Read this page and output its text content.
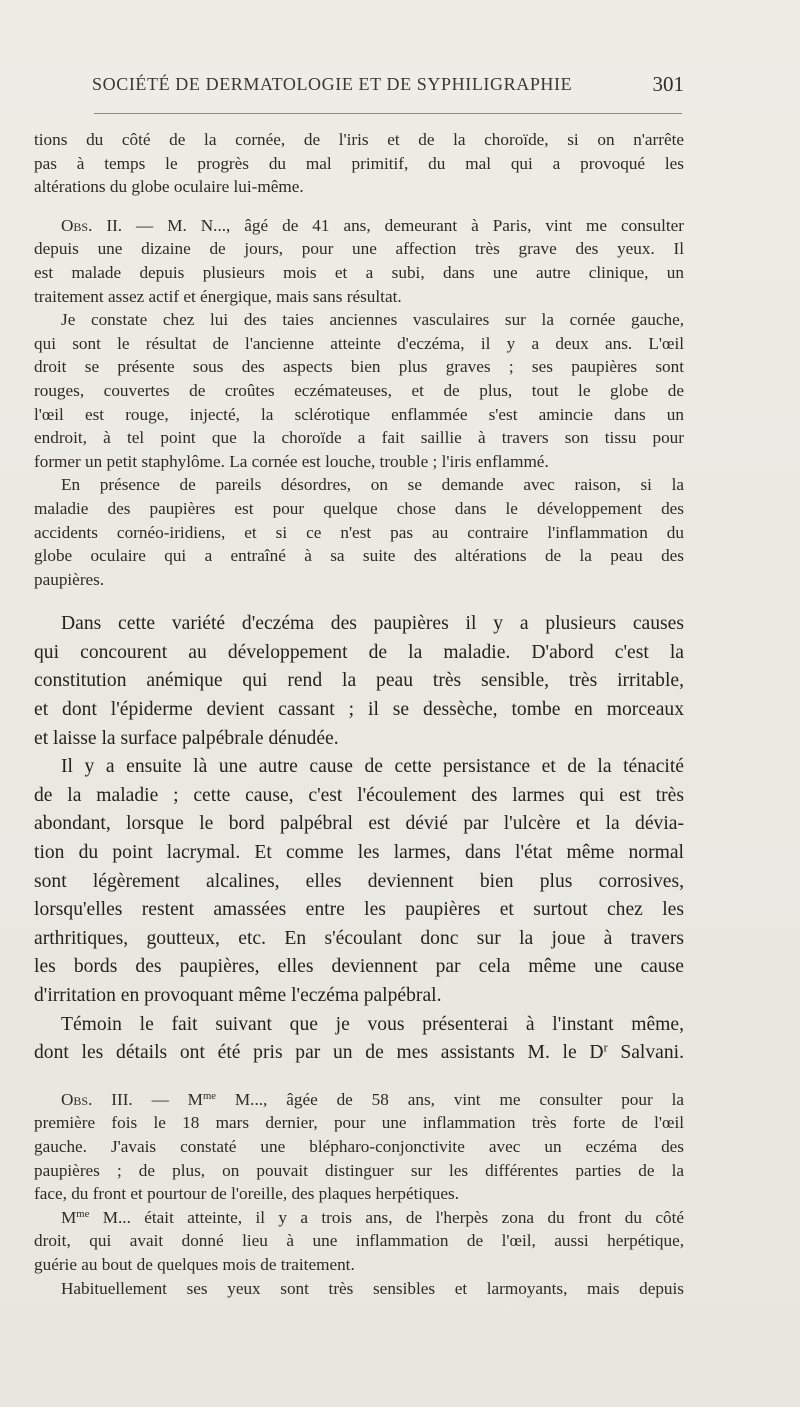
SOCIÉTÉ DE DERMATOLOGIE ET DE SYPHILIGRAPHIE	301
tions du côté de la cornée, de l'iris et de la choroïde, si on n'arrête
pas à temps le progrès du mal primitif, du mal qui a provoqué les
altérations du globe oculaire lui-même.
Obs. II. — M. N..., âgé de 41 ans, demeurant à Paris, vint me consulter
depuis une dizaine de jours, pour une affection très grave des yeux. Il
est malade depuis plusieurs mois et a subi, dans une autre clinique, un
traitement assez actif et énergique, mais sans résultat.
Je constate chez lui des taies anciennes vasculaires sur la cornée gauche,
qui sont le résultat de l'ancienne atteinte d'eczéma, il y a deux ans. L'œil
droit se présente sous des aspects bien plus graves ; ses paupières sont
rouges, couvertes de croûtes eczémateuses, et de plus, tout le globe de
l'œil est rouge, injecté, la sclérotique enflammée s'est amincie dans un
endroit, à tel point que la choroïde a fait saillie à travers son tissu pour
former un petit staphylôme. La cornée est louche, trouble ; l'iris enflammé.
En présence de pareils désordres, on se demande avec raison, si la
maladie des paupières est pour quelque chose dans le développement des
accidents cornéo-iridiens, et si ce n'est pas au contraire l'inflammation du
globe oculaire qui a entraîné à sa suite des altérations de la peau des
paupières.
Dans cette variété d'eczéma des paupières il y a plusieurs causes
qui concourent au développement de la maladie. D'abord c'est la
constitution anémique qui rend la peau très sensible, très irritable,
et dont l'épiderme devient cassant ; il se dessèche, tombe en morceaux
et laisse la surface palpébrale dénudée.
Il y a ensuite là une autre cause de cette persistance et de la ténacité
de la maladie ; cette cause, c'est l'écoulement des larmes qui est très
abondant, lorsque le bord palpébral est dévié par l'ulcère et la dévia-
tion du point lacrymal. Et comme les larmes, dans l'état même normal
sont légèrement alcalines, elles deviennent bien plus corrosives,
lorsqu'elles restent amassées entre les paupières et surtout chez les
arthritiques, goutteux, etc. En s'écoulant donc sur la joue à travers
les bords des paupières, elles deviennent par cela même une cause
d'irritation en provoquant même l'eczéma palpébral.
Témoin le fait suivant que je vous présenterai à l'instant même,
dont les détails ont été pris par un de mes assistants M. le $D^r$ Salvani.
Obs. III. — $M^{me}$ M..., âgée de 58 ans, vint me consulter pour la
première fois le 18 mars dernier, pour une inflammation très forte de l'œil
gauche. J'avais constaté une blépharo-conjonctivite avec un eczéma des
paupières ; de plus, on pouvait distinguer sur les différentes parties de la
face, du front et pourtour de l'oreille, des plaques herpétiques.
$M^{me}$ M... était atteinte, il y a trois ans, de l'herpès zona du front du côté
droit, qui avait donné lieu à une inflammation de l'œil, aussi herpétique,
guérie au bout de quelques mois de traitement.
Habituellement ses yeux sont très sensibles et larmoyants, mais depuis
